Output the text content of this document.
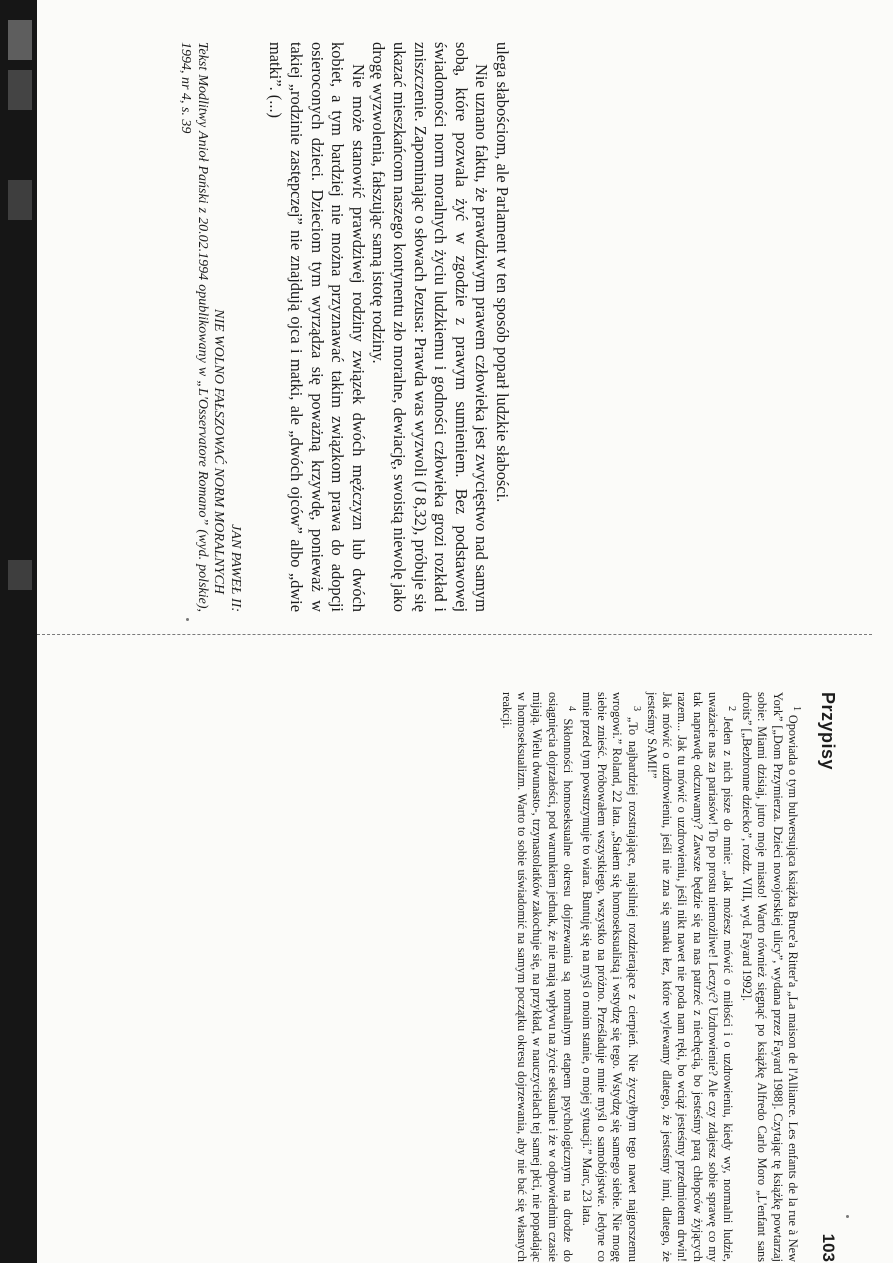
ulega słabościom, ale Parlament w ten sposób poparł ludzkie słabości.

Nie uznano faktu, że prawdziwym prawem człowieka jest zwycięstwo nad samym sobą, które pozwala żyć w zgodzie z prawym sumieniem. Bez podstawowej świadomości norm moralnych życiu ludzkiemu i godności człowieka grozi rozkład i zniszczenie. Zapominając o słowach Jezusa: Prawda was wyzwoli (J 8,32), próbuje się ukazać mieszkańcom naszego kontynentu zło moralne, dewiację, swoistą niewolę jako drogę wyzwolenia, fałszując samą istotę rodziny.

Nie może stanowić prawdziwej rodziny związek dwóch mężczyzn lub dwóch kobiet, a tym bardziej nie można przyznawać takim związkom prawa do adopcji osieroconych dzieci. Dzieciom tym wyrządza się poważną krzywdę, ponieważ w takiej „rodzinie zastępczej” nie znajdują ojca i matki, ale „dwóch ojców” albo „dwie matki”. (...)

JAN PAWEŁ II:
NIE WOLNO FAŁSZOWAĆ NORM MORALNYCH
Tekst Modlitwy Anioł Pański z 20.02.1994 opublikowany w „L'Osservatore Romano” (wyd. polskie), 1994, nr 4, s. 39
Przypisy
103

$^1$ Opowiada o tym bulwersująca książka Bruce'a Ritter'a „La maison de l'Alliance. Les enfants de la rue à New York” [„Dom Przymierza. Dzieci nowojorskiej ulicy”, wydana przez Fayard 1988]. Czytając tę książkę powtarzaj sobie: Miami dzisiaj, jutro moje miasto! Warto również sięgnąć po książkę Alfredo Carlo Moro „L'enfant sans droits” [„Bezbronne dziecko”, rozdz. VIII, wyd. Fayard 1992].

$^2$ Jeden z nich pisze do mnie: „Jak możesz mówić o miłości i o uzdrowieniu, kiedy wy, normalni ludzie, uważacie nas za pariasów! To po prostu niemożliwe! Leczyć? Uzdrowienie? Ale czy zdajesz sobie sprawę co my tak naprawdę odczuwamy? Zawsze będzie się na nas patrzeć z niechęcią, bo jesteśmy parą chłopców żyjących razem... Jak tu mówić o uzdrowieniu, jeśli nikt nawet nie poda nam ręki, bo wciąż jesteśmy przedmiotem drwin! Jak mówić o uzdrowieniu, jeśli nie zna się smaku łez, które wylewamy dlatego, że jesteśmy inni, dlatego, że jesteśmy SAMI!”

$^3$ „To najbardziej rozstrajające, najsilniej rozdzierające z cierpień. Nie życzyłbym tego nawet najgorszemu wrogowi.” Roland, 22 lata. „Stałem się homoseksualistą i wstydzę się tego. Wstydzę się samego siebie. Nie mogę siebie znieść. Próbowałem wszystkiego, wszystko na próżno. Prześladuje mnie myśl o samobójstwie. Jedyne co mnie przed tym powstrzymuje to wiara. Buntuję się na myśl o moim stanie, o mojej sytuacji.” Marc, 23 lata.

$^4$ Skłonności homoseksualne okresu dojrzewania są normalnym etapem psychologicznym na drodze do osiągnięcia dojrzałości, pod warunkiem jednak, że nie mają wpływu na życie seksualne i że w odpowiednim czasie mijają. Wielu dwunasto-, trzynastolatków zakochuje się, na przykład, w nauczycielach tej samej płci, nie popadając w homoseksualizm. Warto to sobie uświadomić na samym początku okresu dojrzewania, aby nie bać się własnych reakcji.
